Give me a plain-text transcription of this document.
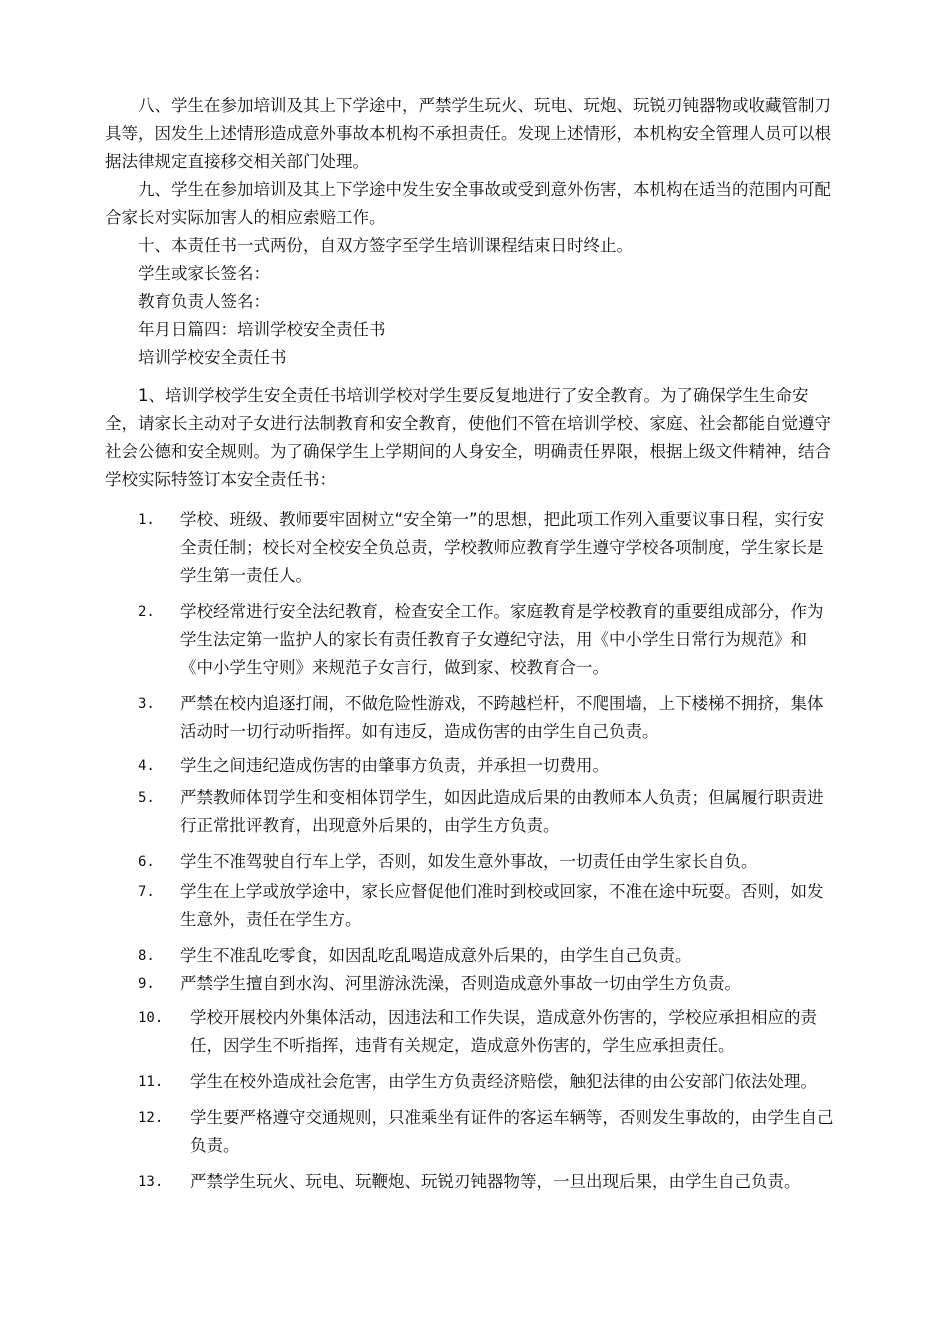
八、学生在参加培训及其上下学途中，严禁学生玩火、玩电、玩炮、玩锐刃钝器物或收藏管制刀具等，因发生上述情形造成意外事故本机构不承担责任。发现上述情形，本机构安全管理人员可以根据法律规定直接移交相关部门处理。

九、学生在参加培训及其上下学途中发生安全事故或受到意外伤害，本机构在适当的范围内可配合家长对实际加害人的相应索赔工作。

十、本责任书一式两份，自双方签字至学生培训课程结束日时终止。

学生或家长签名：

教育负责人签名：

年月日篇四：培训学校安全责任书

培训学校安全责任书

1、培训学校学生安全责任书培训学校对学生要反复地进行了安全教育。为了确保学生生命安全，请家长主动对子女进行法制教育和安全教育，使他们不管在培训学校、家庭、社会都能自觉遵守社会公德和安全规则。为了确保学生上学期间的人身安全，明确责任界限，根据上级文件精神，结合学校实际特签订本安全责任书：

1. 学校、班级、教师要牢固树立“安全第一”的思想，把此项工作列入重要议事日程，实行安全责任制；校长对全校安全负总责，学校教师应教育学生遵守学校各项制度，学生家长是学生第一责任人。
2. 学校经常进行安全法纪教育，检查安全工作。家庭教育是学校教育的重要组成部分，作为学生法定第一监护人的家长有责任教育子女遵纪守法，用《中小学生日常行为规范》和《中小学生守则》来规范子女言行，做到家、校教育合一。
3. 严禁在校内追逐打闹，不做危险性游戏，不跨越栏杆，不爬围墙，上下楼梯不拥挤，集体活动时一切行动听指挥。如有违反，造成伤害的由学生自己负责。
4. 学生之间违纪造成伤害的由肇事方负责，并承担一切费用。
5. 严禁教师体罚学生和变相体罚学生，如因此造成后果的由教师本人负责；但属履行职责进行正常批评教育，出现意外后果的，由学生方负责。
6. 学生不准驾驶自行车上学，否则，如发生意外事故，一切责任由学生家长自负。
7. 学生在上学或放学途中，家长应督促他们准时到校或回家，不准在途中玩耍。否则，如发生意外，责任在学生方。
8. 学生不准乱吃零食，如因乱吃乱喝造成意外后果的，由学生自己负责。
9. 严禁学生擅自到水沟、河里游泳洗澡，否则造成意外事故一切由学生方负责。
10. 学校开展校内外集体活动，因违法和工作失误，造成意外伤害的，学校应承担相应的责任，因学生不听指挥，违背有关规定，造成意外伤害的，学生应承担责任。
11. 学生在校外造成社会危害，由学生方负责经济赔偿，触犯法律的由公安部门依法处理。
12. 学生要严格遵守交通规则，只准乘坐有证件的客运车辆等，否则发生事故的，由学生自己负责。
13. 严禁学生玩火、玩电、玩鞭炮、玩锐刃钝器物等，一旦出现后果，由学生自己负责。
